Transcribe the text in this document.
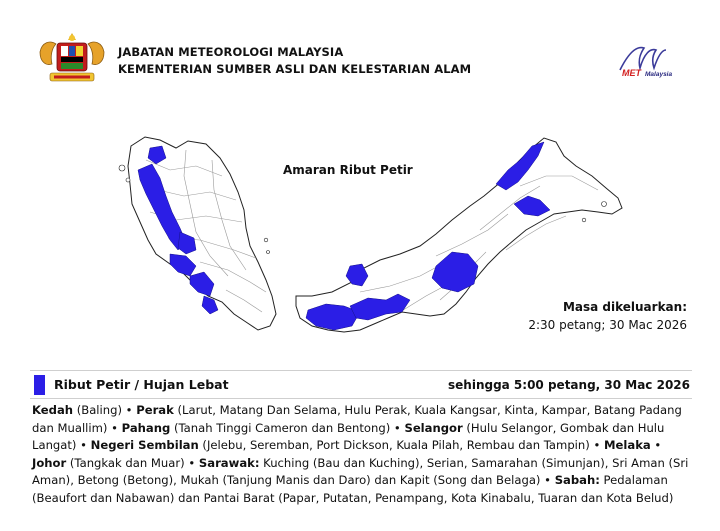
JABATAN METEOROLOGI MALAYSIA
KEMENTERIAN SUMBER ASLI DAN KELESTARIAN ALAM	MET Malaysia
Amaran Ribut Petir
Masa dikeluarkan:
2:30 petang; 30 Mac 2026
Ribut Petir / Hujan Lebat	sehingga 5:00 petang, 30 Mac 2026
Kedah (Baling) • Perak (Larut, Matang Dan Selama, Hulu Perak, Kuala Kangsar, Kinta, Kampar, Batang Padang dan Muallim) • Pahang (Tanah Tinggi Cameron dan Bentong) • Selangor (Hulu Selangor, Gombak dan Hulu Langat) • Negeri Sembilan (Jelebu, Seremban, Port Dickson, Kuala Pilah, Rembau dan Tampin) • Melaka • Johor (Tangkak dan Muar) • Sarawak: Kuching (Bau dan Kuching), Serian, Samarahan (Simunjan), Sri Aman (Sri Aman), Betong (Betong), Mukah (Tanjung Manis dan Daro) dan Kapit (Song dan Belaga) • Sabah: Pedalaman (Beaufort dan Nabawan) dan Pantai Barat (Papar, Putatan, Penampang, Kota Kinabalu, Tuaran dan Kota Belud)
